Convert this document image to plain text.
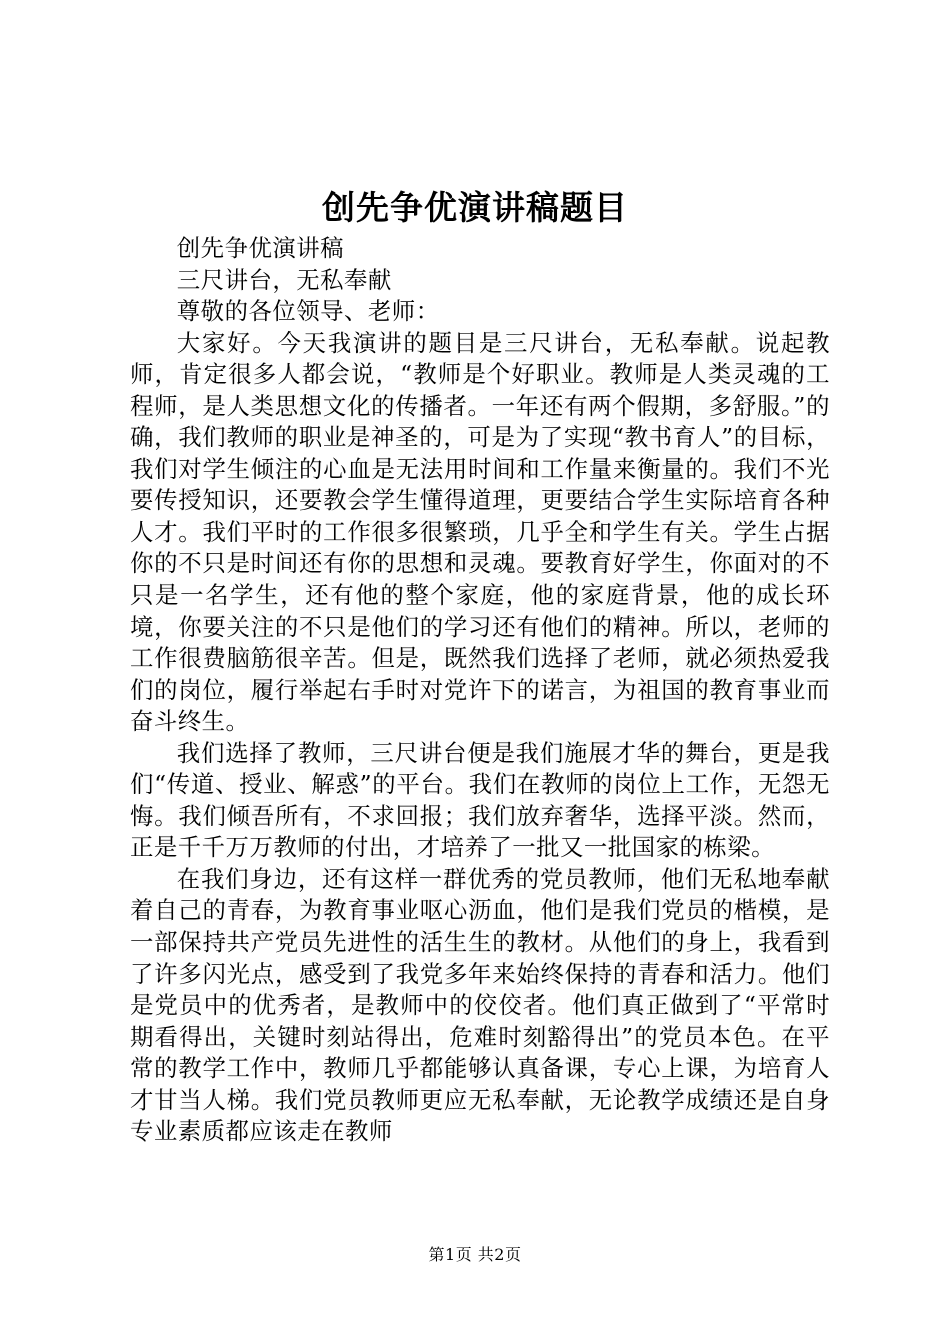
创先争优演讲稿题目

创先争优演讲稿

三尺讲台，无私奉献

尊敬的各位领导、老师：

大家好。今天我演讲的题目是三尺讲台，无私奉献。说起教师，肯定很多人都会说，“教师是个好职业。教师是人类灵魂的工程师，是人类思想文化的传播者。一年还有两个假期，多舒服。”的确，我们教师的职业是神圣的，可是为了实现“教书育人”的目标，我们对学生倾注的心血是无法用时间和工作量来衡量的。我们不光要传授知识，还要教会学生懂得道理，更要结合学生实际培育各种人才。我们平时的工作很多很繁琐，几乎全和学生有关。学生占据你的不只是时间还有你的思想和灵魂。要教育好学生，你面对的不只是一名学生，还有他的整个家庭，他的家庭背景，他的成长环境，你要关注的不只是他们的学习还有他们的精神。所以，老师的工作很费脑筋很辛苦。但是，既然我们选择了老师，就必须热爱我们的岗位，履行举起右手时对党许下的诺言，为祖国的教育事业而奋斗终生。

我们选择了教师，三尺讲台便是我们施展才华的舞台，更是我们“传道、授业、解惑”的平台。我们在教师的岗位上工作，无怨无悔。我们倾吾所有，不求回报；我们放弃奢华，选择平淡。然而，正是千千万万教师的付出，才培养了一批又一批国家的栋梁。

在我们身边，还有这样一群优秀的党员教师，他们无私地奉献着自己的青春，为教育事业呕心沥血，他们是我们党员的楷模，是一部保持共产党员先进性的活生生的教材。从他们的身上，我看到了许多闪光点，感受到了我党多年来始终保持的青春和活力。他们是党员中的优秀者，是教师中的佼佼者。他们真正做到了“平常时期看得出，关键时刻站得出，危难时刻豁得出”的党员本色。在平常的教学工作中，教师几乎都能够认真备课，专心上课，为培育人才甘当人梯。我们党员教师更应无私奉献，无论教学成绩还是自身专业素质都应该走在教师

第1页 共2页
